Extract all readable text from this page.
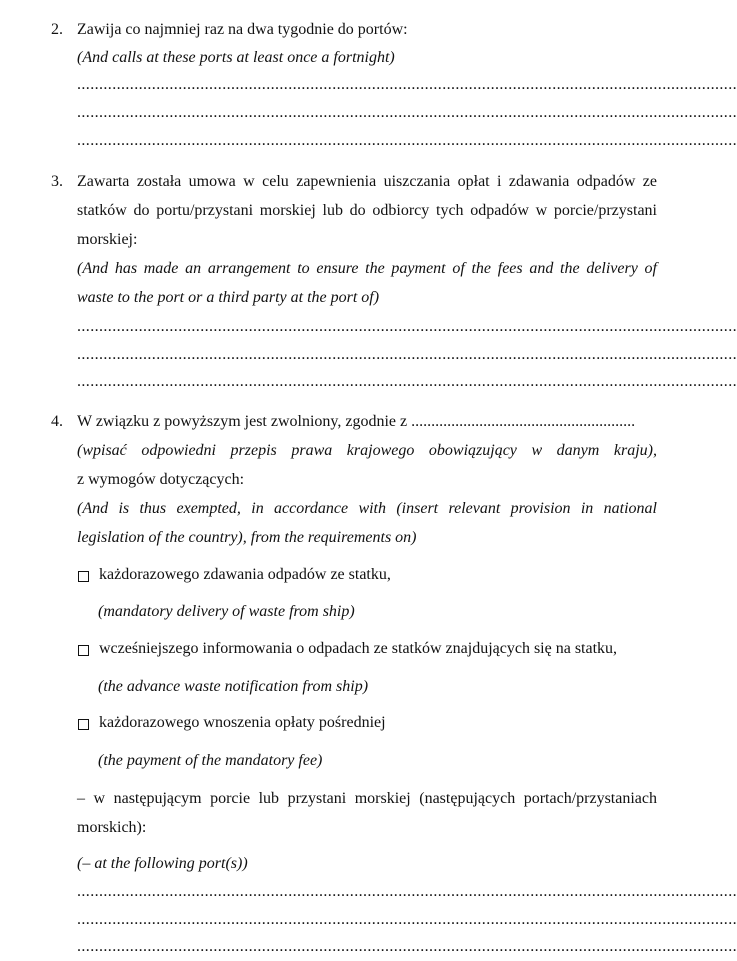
2. Zawija co najmniej raz na dwa tygodnie do portów:
(And calls at these ports at least once a fortnight)
......................................................................................................................................................
......................................................................................................................................................
......................................................................................................................................................
3. Zawarta została umowa w celu zapewnienia uiszczania opłat i zdawania odpadów ze
statków do portu/przystani morskiej lub do odbiorcy tych odpadów w porcie/przystani
morskiej:
(And has made an arrangement to ensure the payment of the fees and the delivery of
waste to the port or a third party at the port of)
......................................................................................................................................................
......................................................................................................................................................
......................................................................................................................................................
4. W związku z powyższym jest zwolniony, zgodnie z ........................................................
(wpisać odpowiedni przepis prawa krajowego obowiązujący w danym kraju),
z wymogów dotyczących:
(And is thus exempted, in accordance with (insert relevant provision in national
legislation of the country), from the requirements on)
każdorazowego zdawania odpadów ze statku,
(mandatory delivery of waste from ship)
wcześniejszego informowania o odpadach ze statków znajdujących się na statku,
(the advance waste notification from ship)
każdorazowego wnoszenia opłaty pośredniej
(the payment of the mandatory fee)
– w następującym porcie lub przystani morskiej (następujących portach/przystaniach
morskich):
(– at the following port(s))
......................................................................................................................................................
......................................................................................................................................................
......................................................................................................................................................
